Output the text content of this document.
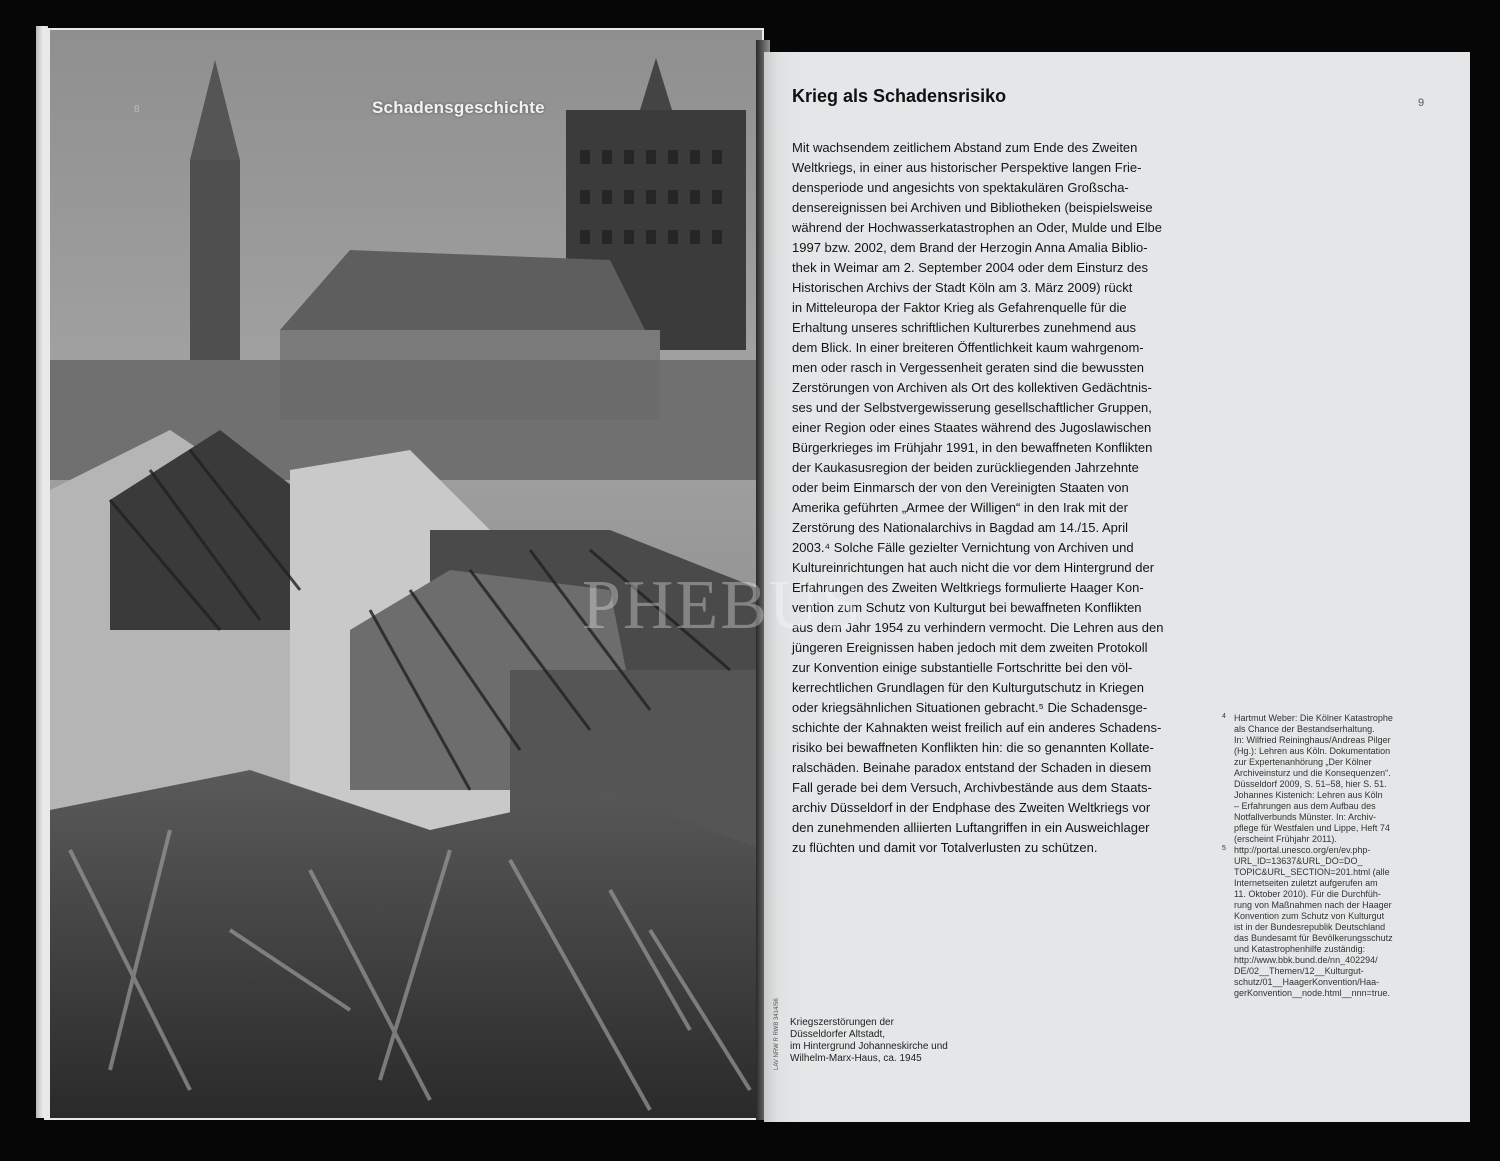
8	Schadensgeschichte
Krieg als Schadensrisiko	9
Mit wachsendem zeitlichem Abstand zum Ende des Zweiten
Weltkriegs, in einer aus historischer Perspektive langen Frie-
densperiode und angesichts von spektakulären Großscha-
densereignissen bei Archiven und Bibliotheken (beispielsweise
während der Hochwasserkatastrophen an Oder, Mulde und Elbe
1997 bzw. 2002, dem Brand der Herzogin Anna Amalia Biblio-
thek in Weimar am 2. September 2004 oder dem Einsturz des
Historischen Archivs der Stadt Köln am 3. März 2009) rückt
in Mitteleuropa der Faktor Krieg als Gefahrenquelle für die
Erhaltung unseres schriftlichen Kulturerbes zunehmend aus
dem Blick. In einer breiteren Öffentlichkeit kaum wahrgenom-
men oder rasch in Vergessenheit geraten sind die bewussten
Zerstörungen von Archiven als Ort des kollektiven Gedächtnis-
ses und der Selbstvergewisserung gesellschaftlicher Gruppen,
einer Region oder eines Staates während des Jugoslawischen
Bürgerkrieges im Frühjahr 1991, in den bewaffneten Konflikten
der Kaukasusregion der beiden zurückliegenden Jahrzehnte
oder beim Einmarsch der von den Vereinigten Staaten von
Amerika geführten „Armee der Willigen“ in den Irak mit der
Zerstörung des Nationalarchivs in Bagdad am 14./15. April
2003.⁴ Solche Fälle gezielter Vernichtung von Archiven und
Kultureinrichtungen hat auch nicht die vor dem Hintergrund der
Erfahrungen des Zweiten Weltkriegs formulierte Haager Kon-
vention zum Schutz von Kulturgut bei bewaffneten Konflikten
aus dem Jahr 1954 zu verhindern vermocht. Die Lehren aus den
jüngeren Ereignissen haben jedoch mit dem zweiten Protokoll
zur Konvention einige substantielle Fortschritte bei den völ-
kerrechtlichen Grundlagen für den Kulturgutschutz in Kriegen
oder kriegsähnlichen Situationen gebracht.⁵ Die Schadensge-
schichte der Kahnakten weist freilich auf ein anderes Schadens-
risiko bei bewaffneten Konflikten hin: die so genannten Kollate-
ralschäden. Beinahe paradox entstand der Schaden in diesem
Fall gerade bei dem Versuch, Archivbestände aus dem Staats-
archiv Düsseldorf in der Endphase des Zweiten Weltkriegs vor
den zunehmenden alliierten Luftangriffen in ein Ausweichlager
zu flüchten und damit vor Totalverlusten zu schützen.
Kriegszerstörungen der
Düsseldorfer Altstadt,
im Hintergrund Johanneskirche und
Wilhelm-Marx-Haus, ca. 1945
LAV NRW R RWB 3414/56
4 Hartmut Weber: Die Kölner Katastrophe
als Chance der Bestandserhaltung.
In: Wilfried Reininghaus/Andreas Pilger
(Hg.): Lehren aus Köln. Dokumentation
zur Expertenanhörung „Der Kölner
Archiveinsturz und die Konsequenzen“.
Düsseldorf 2009, S. 51–58, hier S. 51.
Johannes Kistenich: Lehren aus Köln
– Erfahrungen aus dem Aufbau des
Notfallverbunds Münster. In: Archiv-
pflege für Westfalen und Lippe, Heft 74
(erscheint Frühjahr 2011).
5 http://portal.unesco.org/en/ev.php-
URL_ID=13637&URL_DO=DO_
TOPIC&URL_SECTION=201.html (alle
Internetseiten zuletzt aufgerufen am
11. Oktober 2010). Für die Durchfüh-
rung von Maßnahmen nach der Haager
Konvention zum Schutz von Kulturgut
ist in der Bundesrepublik Deutschland
das Bundesamt für Bevölkerungsschutz
und Katastrophenhilfe zuständig:
http://www.bbk.bund.de/nn_402294/
DE/02__Themen/12__Kulturgut-
schutz/01__HaagerKonvention/Haa-
gerKonvention__node.html__nnn=true.
PHEBUS
